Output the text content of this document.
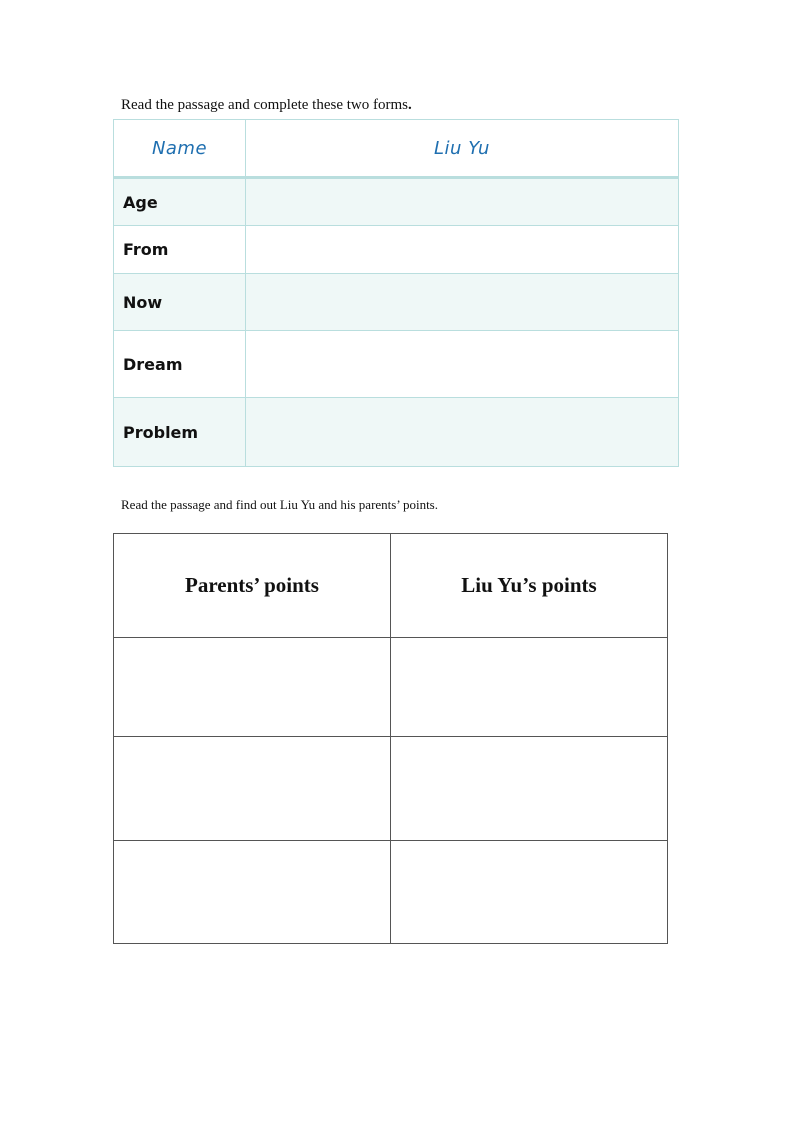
Read the passage and complete these two forms.
Name	Liu Yu
Age	
From	
Now	
Dream	
Problem	
Read the passage and find out Liu Yu and his parents’ points.
Parents’ points	Liu Yu’s points
